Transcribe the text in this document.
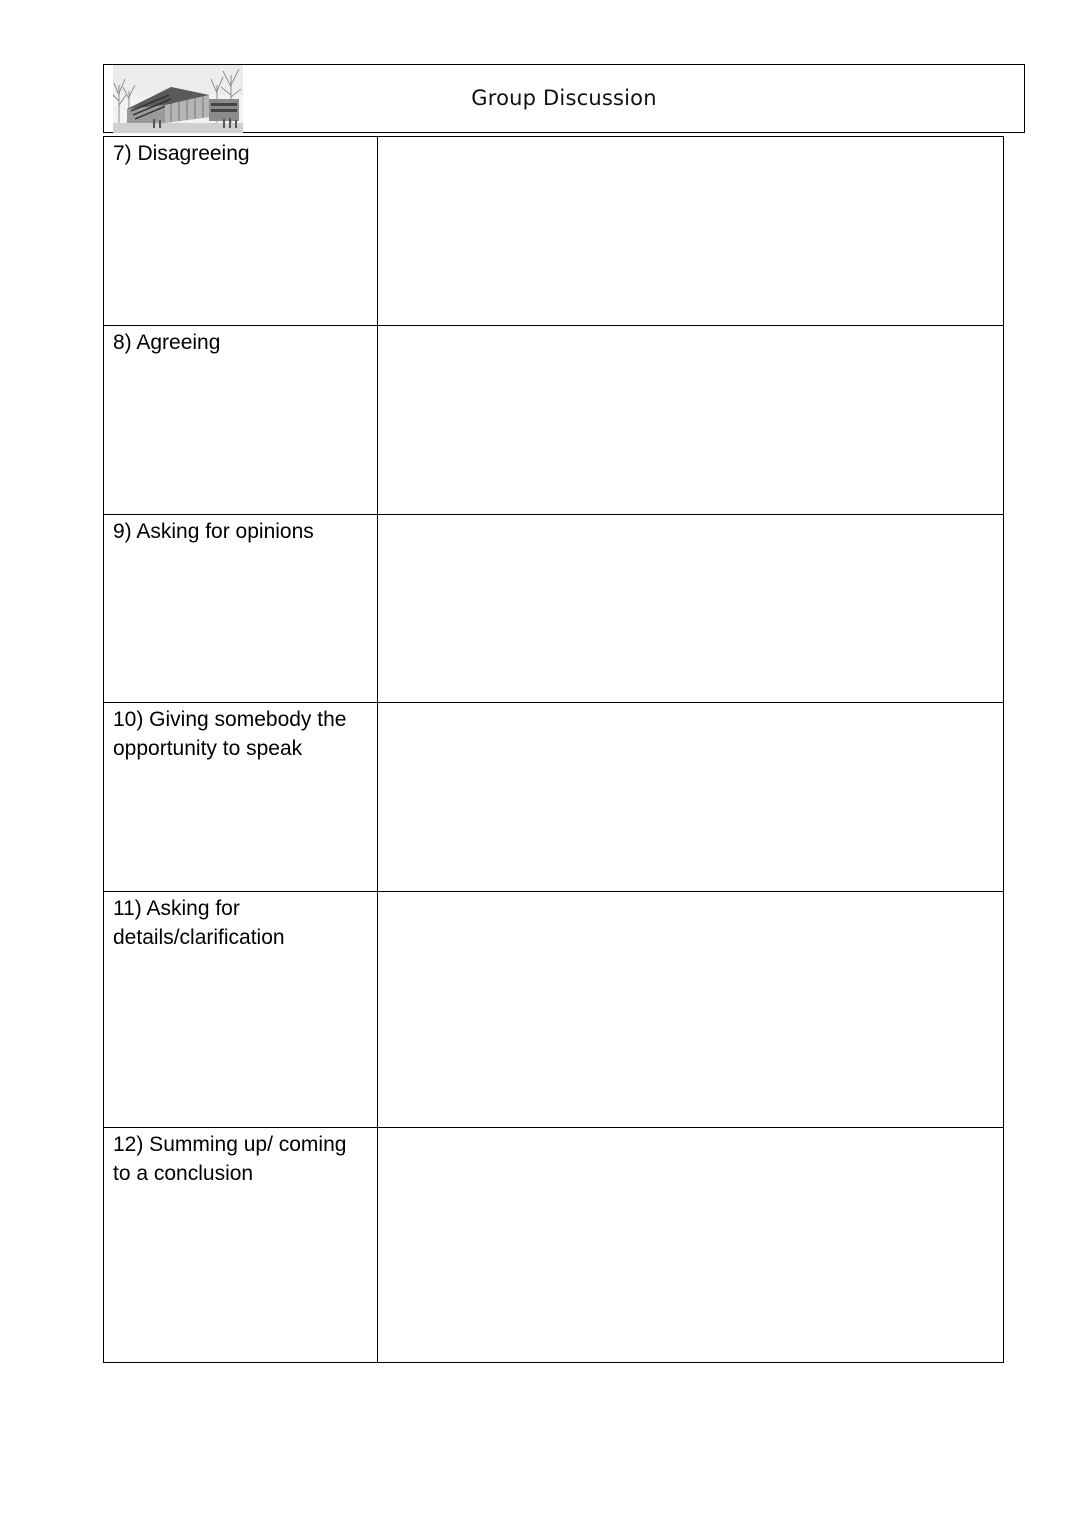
Group Discussion
7) Disagreeing	

8) Agreeing	

9) Asking for opinions	

10) Giving somebody the opportunity to speak	

11) Asking for details/clarification	

12) Summing up/ coming to a conclusion	
